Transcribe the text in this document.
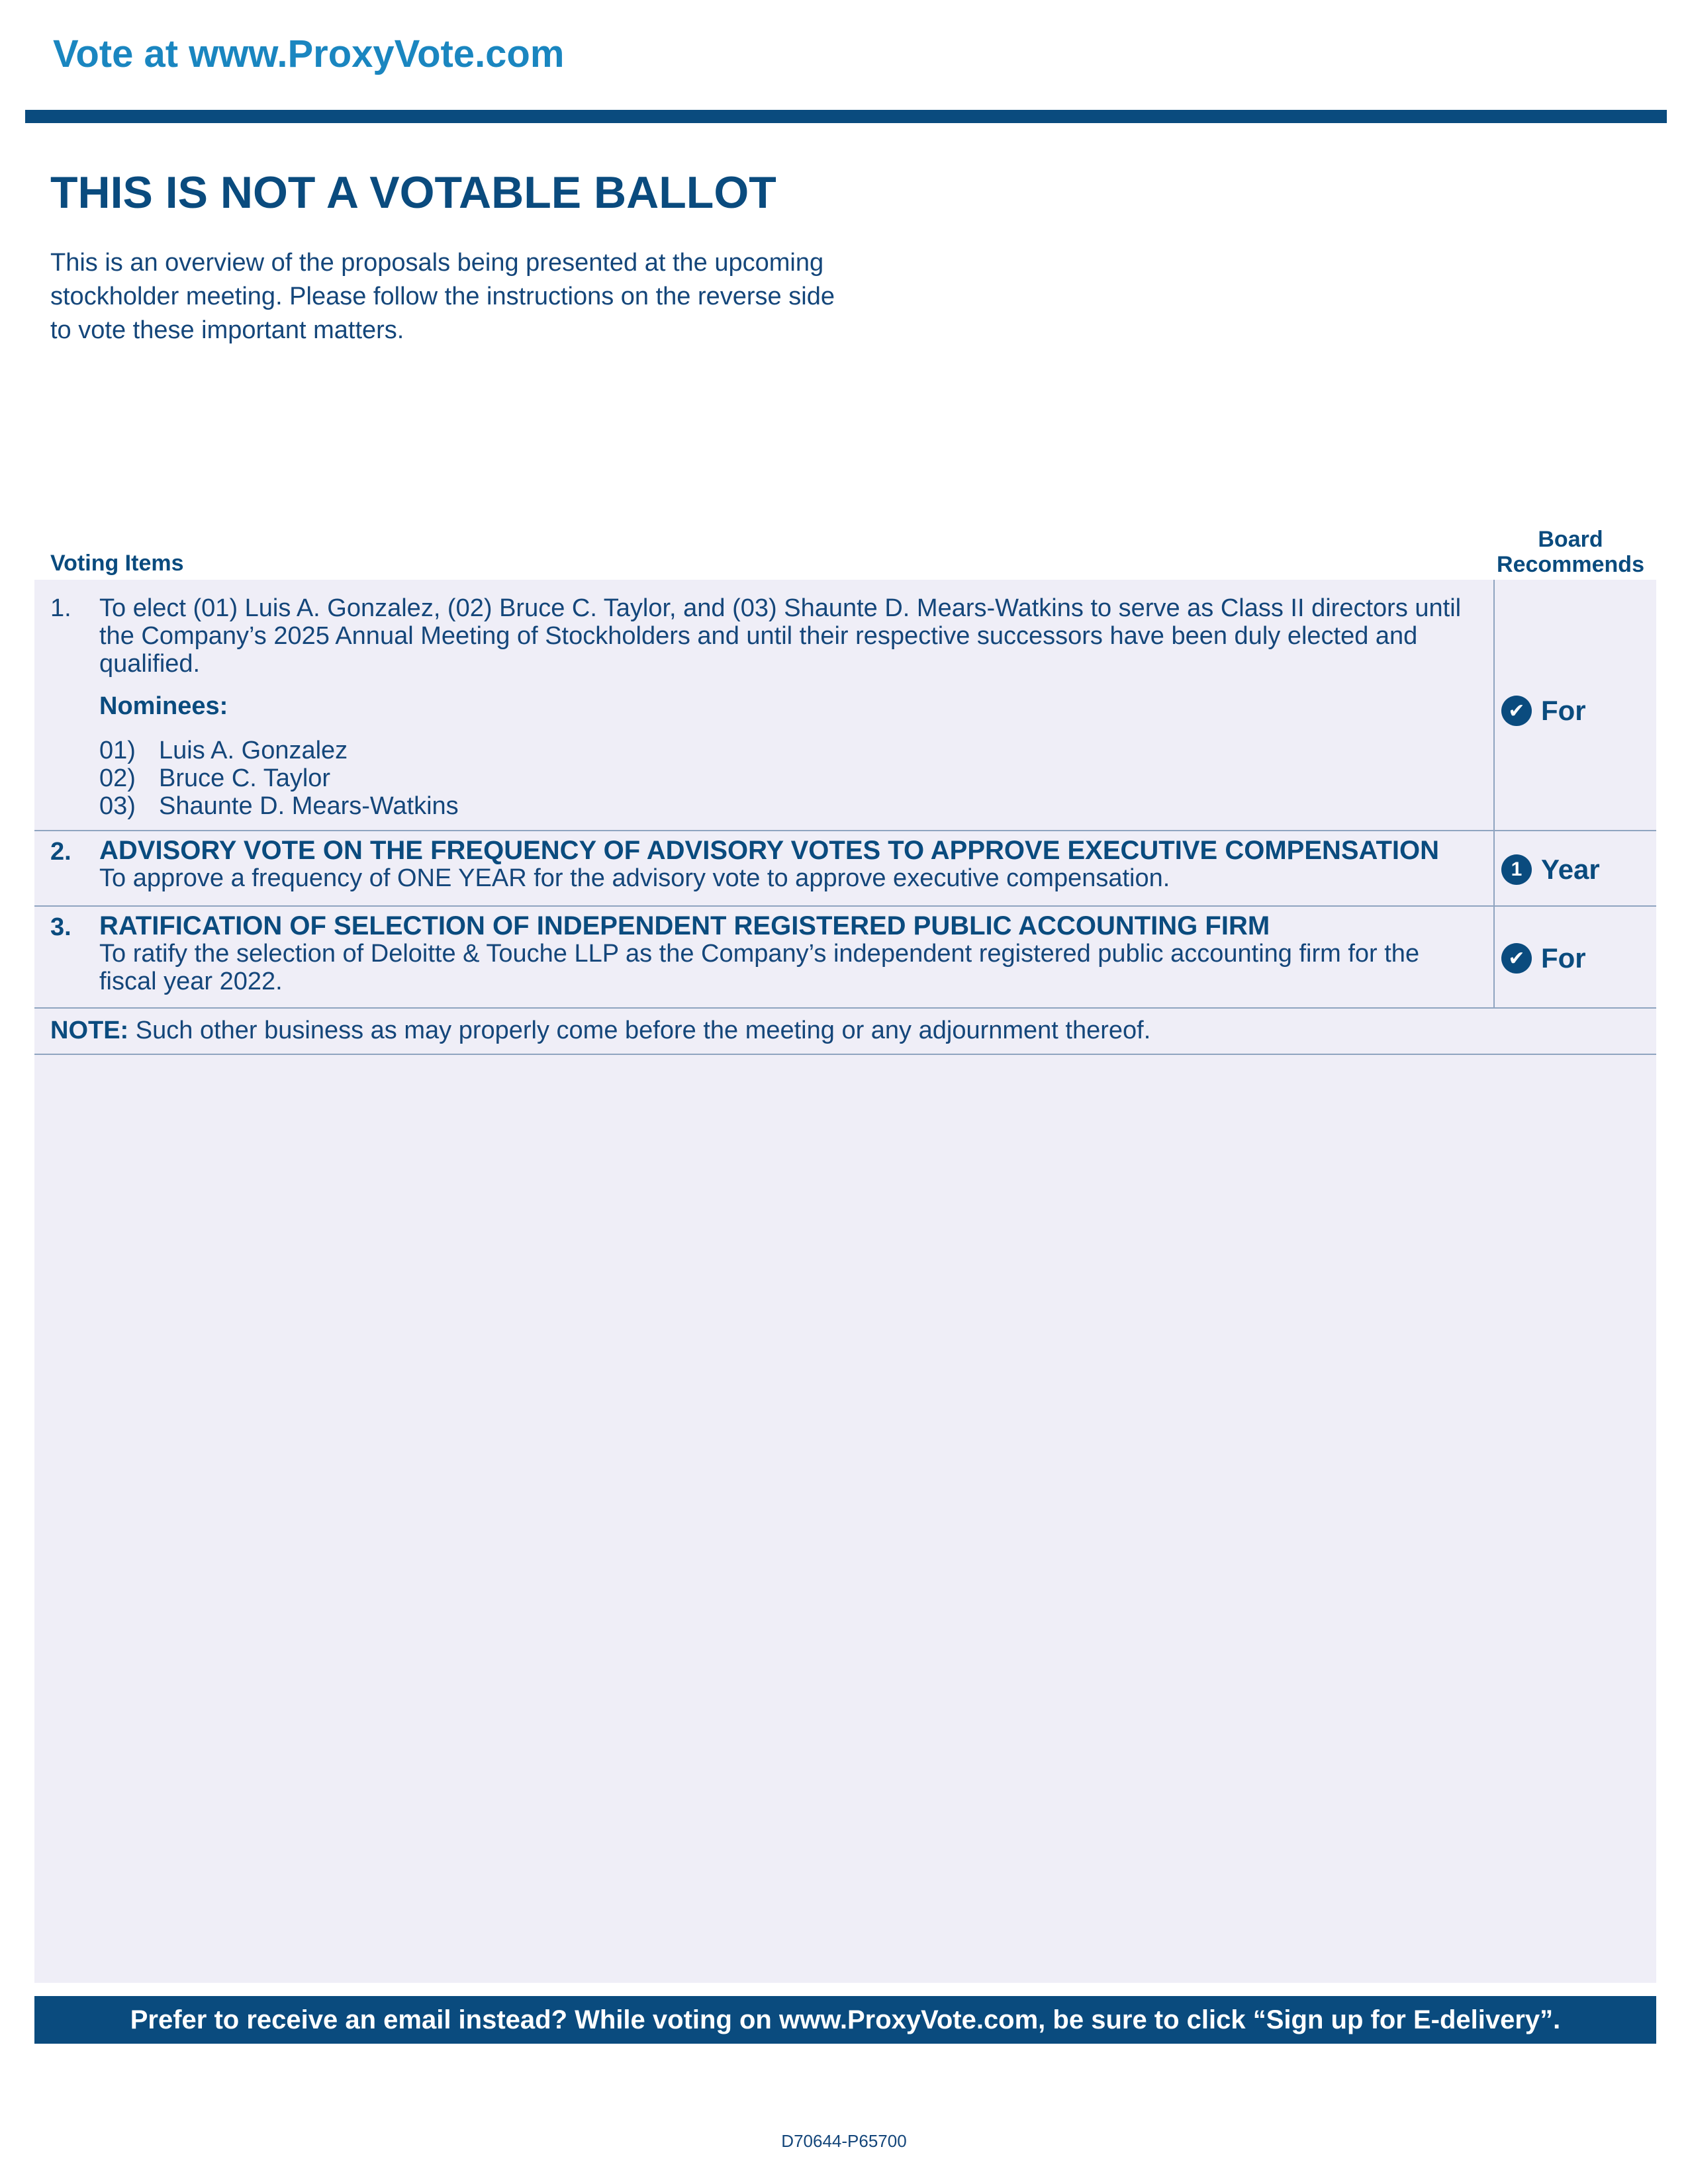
Vote at www.ProxyVote.com
THIS IS NOT A VOTABLE BALLOT
This is an overview of the proposals being presented at the upcoming stockholder meeting. Please follow the instructions on the reverse side to vote these important matters.
Voting Items
Board
Recommends
1. To elect (01) Luis A. Gonzalez, (02) Bruce C. Taylor, and (03) Shaunte D. Mears-Watkins to serve as Class II directors until the Company’s 2025 Annual Meeting of Stockholders and until their respective successors have been duly elected and qualified.
Nominees:
01) Luis A. Gonzalez
02) Bruce C. Taylor
03) Shaunte D. Mears-Watkins
✔ For
2. ADVISORY VOTE ON THE FREQUENCY OF ADVISORY VOTES TO APPROVE EXECUTIVE COMPENSATION
To approve a frequency of ONE YEAR for the advisory vote to approve executive compensation.	1 Year
3. RATIFICATION OF SELECTION OF INDEPENDENT REGISTERED PUBLIC ACCOUNTING FIRM
To ratify the selection of Deloitte & Touche LLP as the Company’s independent registered public accounting firm for the fiscal year 2022.
✔ For
NOTE: Such other business as may properly come before the meeting or any adjournment thereof.
Prefer to receive an email instead? While voting on www.ProxyVote.com, be sure to click “Sign up for E-delivery”.
D70644-P65700
